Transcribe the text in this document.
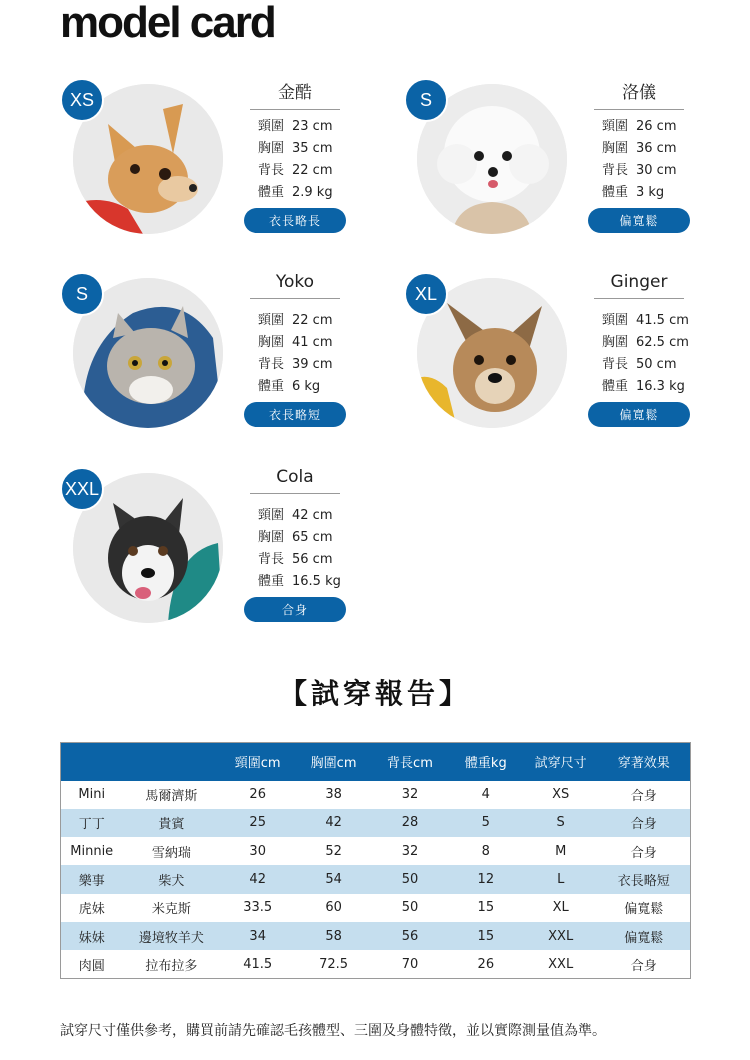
model card
XS	金酷
頸圍 23 cm
胸圍 35 cm
背長 22 cm
體重 2.9 kg
衣長略長
S	洛儀
頸圍 26 cm
胸圍 36 cm
背長 30 cm
體重 3 kg
偏寬鬆
S
Yoko
頸圍 22 cm
胸圍 41 cm
背長 39 cm
體重 6 kg
衣長略短
XL
Ginger
頸圍 41.5 cm
胸圍 62.5 cm
背長 50 cm
體重 16.3 kg
偏寬鬆
XXL
Cola
頸圍 42 cm
胸圍 65 cm
背長 56 cm
體重 16.5 kg
合身
【試穿報告】
		頸圍cm	胸圍cm	背長cm	體重kg	試穿尺寸	穿著效果
Mini	馬爾濟斯	26	38	32	4	XS	合身
丁丁	貴賓	25	42	28	5	S	合身
Minnie	雪納瑞	30	52	32	8	M	合身
樂事	柴犬	42	54	50	12	L	衣長略短
虎妹	米克斯	33.5	60	50	15	XL	偏寬鬆
妹妹	邊境牧羊犬	34	58	56	15	XXL	偏寬鬆
肉圓	拉布拉多	41.5	72.5	70	26	XXL	合身
試穿尺寸僅供參考，購買前請先確認毛孩體型、三圍及身體特徵，並以實際測量值為準。
